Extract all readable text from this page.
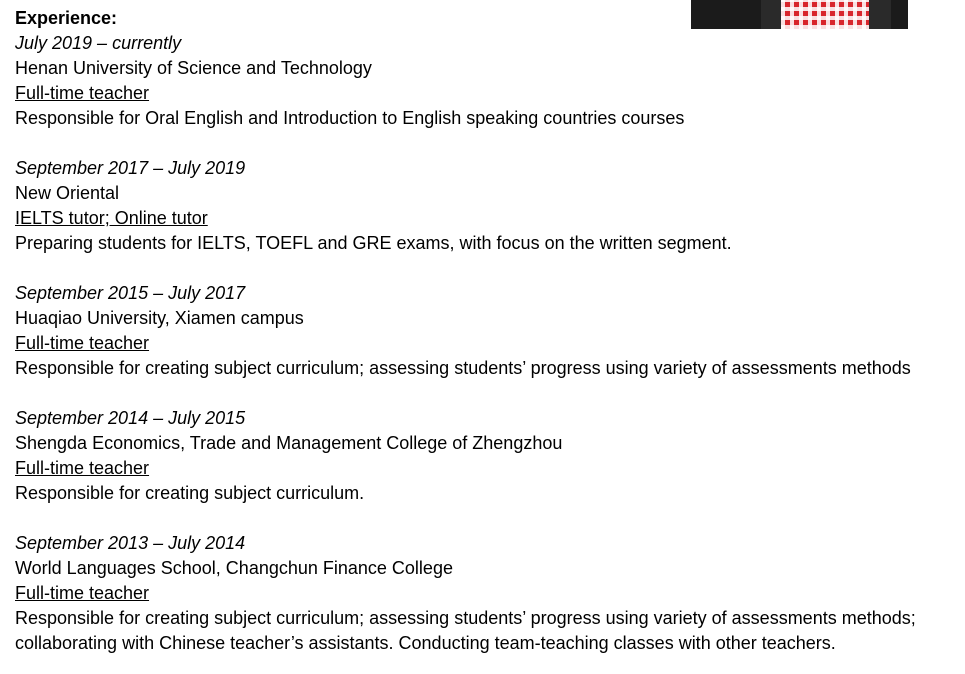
Experience:
July 2019 – currently
Henan University of Science and Technology
Full-time teacher
Responsible for Oral English and Introduction to English speaking countries courses
September 2017 – July 2019
New Oriental
IELTS tutor; Online tutor
Preparing students for IELTS, TOEFL and GRE exams, with focus on the written segment.
September 2015 – July 2017
Huaqiao University, Xiamen campus
Full-time teacher
Responsible for creating subject curriculum; assessing students’ progress using variety of assessments methods
September 2014 – July 2015
Shengda Economics, Trade and Management College of Zhengzhou
Full-time teacher
Responsible for creating subject curriculum.
September 2013 – July 2014
World Languages School, Changchun Finance College
Full-time teacher
Responsible for creating subject curriculum; assessing students’ progress using variety of assessments methods; collaborating with Chinese teacher’s assistants. Conducting team-teaching classes with other teachers.
